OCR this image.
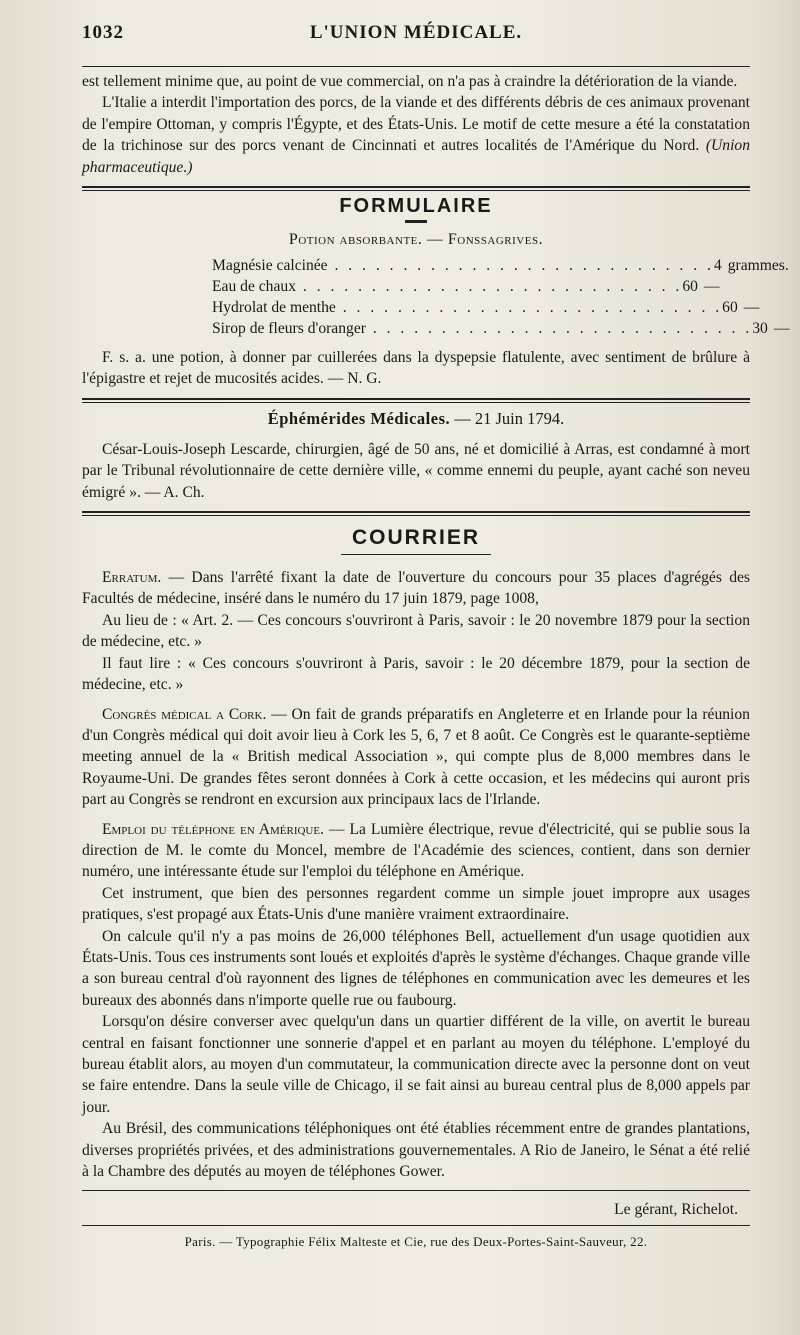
1032	L'UNION MÉDICALE.

est tellement minime que, au point de vue commercial, on n'a pas à craindre la détérioration de la viande.

L'Italie a interdit l'importation des porcs, de la viande et des différents débris de ces animaux provenant de l'empire Ottoman, y compris l'Égypte, et des États-Unis. Le motif de cette mesure a été la constatation de la trichinose sur des porcs venant de Cincinnati et autres localités de l'Amérique du Nord. (Union pharmaceutique.)

FORMULAIRE
Potion absorbante. — Fonssagrives.
Magnésie calcinée . . . . . . . . . . . . . . . . . . . . . . . . . . . . 4 grammes.
Eau de chaux . . . . . . . . . . . . . . . . . . . . . . . . . . . . 60 —
Hydrolat de menthe . . . . . . . . . . . . . . . . . . . . . . . . . . . . 60 —
Sirop de fleurs d'oranger . . . . . . . . . . . . . . . . . . . . . . . . . . . . 30 —

F. s. a. une potion, à donner par cuillerées dans la dyspepsie flatulente, avec sentiment de brûlure à l'épigastre et rejet de mucosités acides. — N. G.

Éphémérides Médicales. — 21 Juin 1794.

César-Louis-Joseph Lescarde, chirurgien, âgé de 50 ans, né et domicilié à Arras, est condamné à mort par le Tribunal révolutionnaire de cette dernière ville, « comme ennemi du peuple, ayant caché son neveu émigré ». — A. Ch.

COURRIER

Erratum. — Dans l'arrêté fixant la date de l'ouverture du concours pour 35 places d'agrégés des Facultés de médecine, inséré dans le numéro du 17 juin 1879, page 1008,

Au lieu de : « Art. 2. — Ces concours s'ouvriront à Paris, savoir : le 20 novembre 1879 pour la section de médecine, etc. »

Il faut lire : « Ces concours s'ouvriront à Paris, savoir : le 20 décembre 1879, pour la section de médecine, etc. »

Congrès médical a Cork. — On fait de grands préparatifs en Angleterre et en Irlande pour la réunion d'un Congrès médical qui doit avoir lieu à Cork les 5, 6, 7 et 8 août. Ce Congrès est le quarante-septième meeting annuel de la « British medical Association », qui compte plus de 8,000 membres dans le Royaume-Uni. De grandes fêtes seront données à Cork à cette occasion, et les médecins qui auront pris part au Congrès se rendront en excursion aux principaux lacs de l'Irlande.

Emploi du téléphone en Amérique. — La Lumière électrique, revue d'électricité, qui se publie sous la direction de M. le comte du Moncel, membre de l'Académie des sciences, contient, dans son dernier numéro, une intéressante étude sur l'emploi du téléphone en Amérique.

Cet instrument, que bien des personnes regardent comme un simple jouet impropre aux usages pratiques, s'est propagé aux États-Unis d'une manière vraiment extraordinaire.

On calcule qu'il n'y a pas moins de 26,000 téléphones Bell, actuellement d'un usage quotidien aux États-Unis. Tous ces instruments sont loués et exploités d'après le système d'échanges. Chaque grande ville a son bureau central d'où rayonnent des lignes de téléphones en communication avec les demeures et les bureaux des abonnés dans n'importe quelle rue ou faubourg.

Lorsqu'on désire converser avec quelqu'un dans un quartier différent de la ville, on avertit le bureau central en faisant fonctionner une sonnerie d'appel et en parlant au moyen du téléphone. L'employé du bureau établit alors, au moyen d'un commutateur, la communication directe avec la personne dont on veut se faire entendre. Dans la seule ville de Chicago, il se fait ainsi au bureau central plus de 8,000 appels par jour.

Au Brésil, des communications téléphoniques ont été établies récemment entre de grandes plantations, diverses propriétés privées, et des administrations gouvernementales. A Rio de Janeiro, le Sénat a été relié à la Chambre des députés au moyen de téléphones Gower.

Le gérant, Richelot.
Paris. — Typographie Félix Malteste et Cie, rue des Deux-Portes-Saint-Sauveur, 22.
